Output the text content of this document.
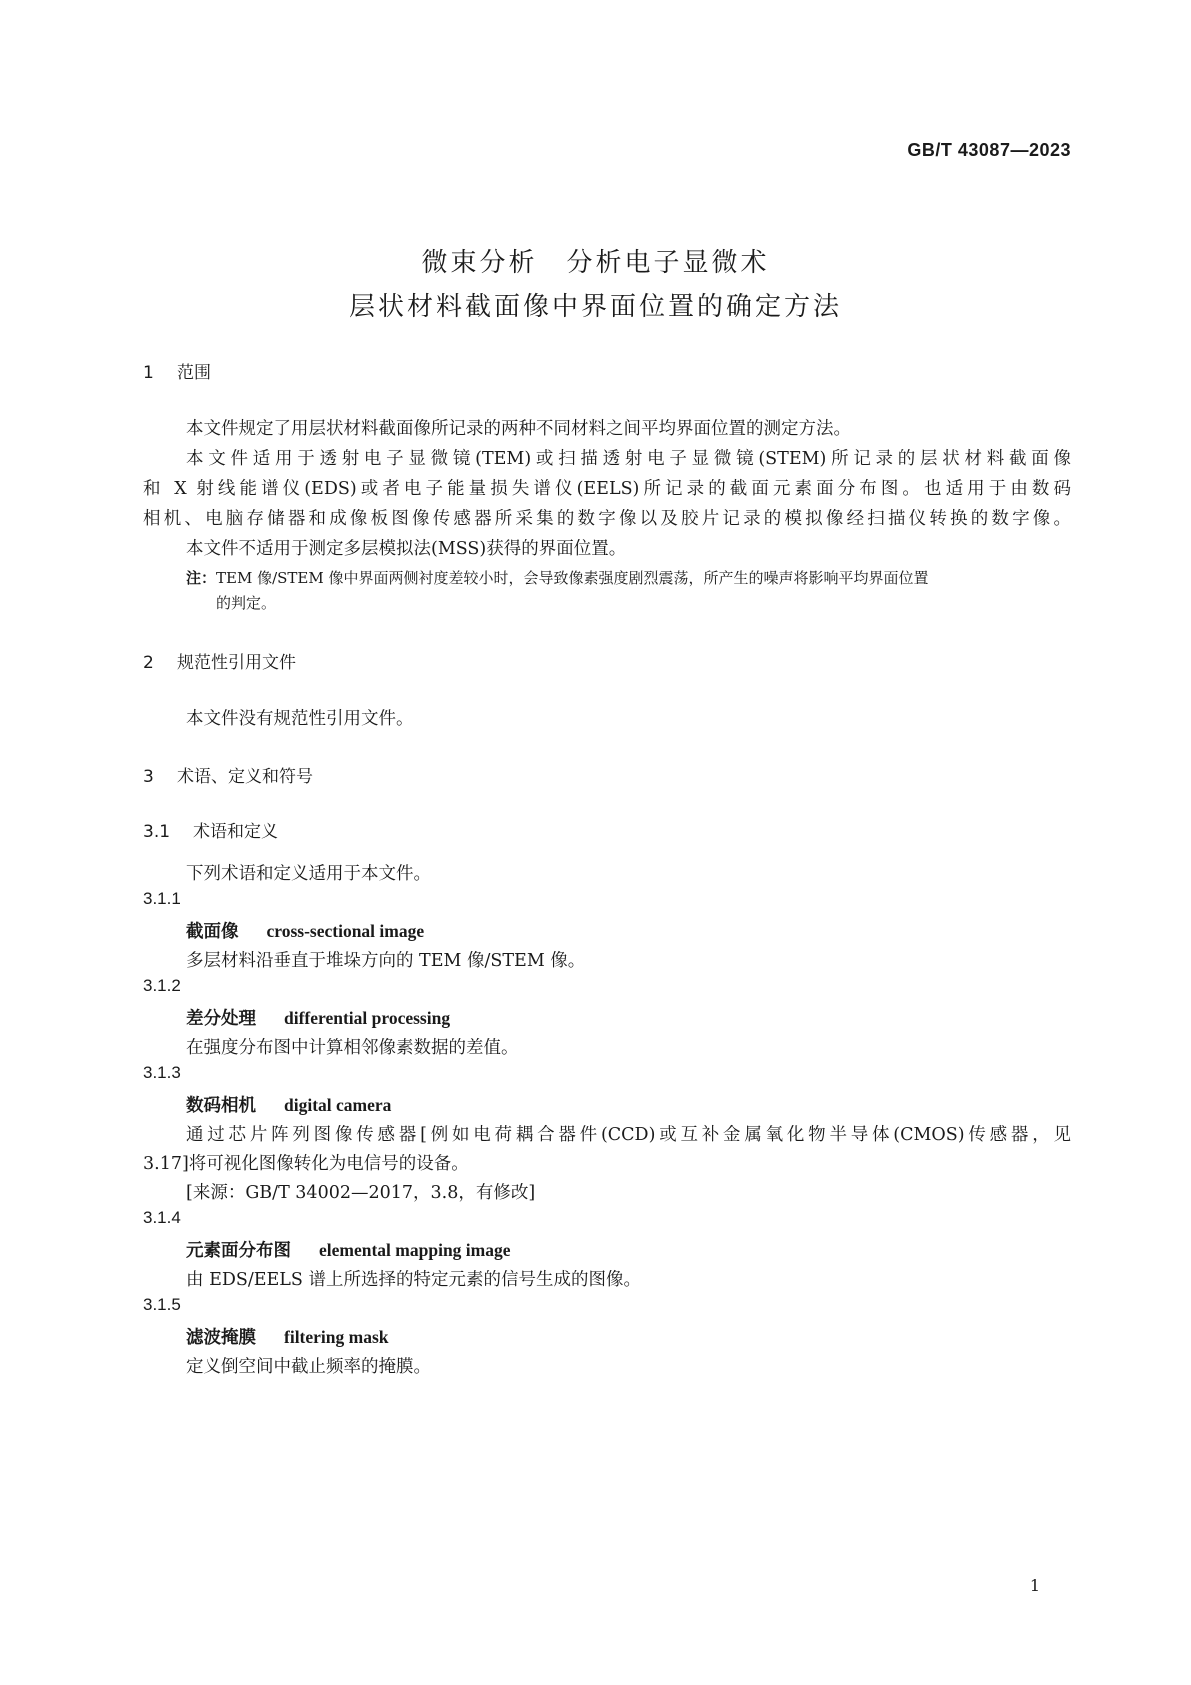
GB/T 43087—2023
微束分析　分析电子显微术
层状材料截面像中界面位置的确定方法
1 范围
本文件规定了用层状材料截面像所记录的两种不同材料之间平均界面位置的测定方法。
本文件适用于透射电子显微镜(TEM)或扫描透射电子显微镜(STEM)所记录的层状材料截面像
和 X 射线能谱仪(EDS)或者电子能量损失谱仪(EELS)所记录的截面元素面分布图。也适用于由数码
相机、电脑存储器和成像板图像传感器所采集的数字像以及胶片记录的模拟像经扫描仪转换的数字像。
本文件不适用于测定多层模拟法(MSS)获得的界面位置。
注：TEM 像/STEM 像中界面两侧衬度差较小时，会导致像素强度剧烈震荡，所产生的噪声将影响平均界面位置
的判定。
2 规范性引用文件
本文件没有规范性引用文件。
3 术语、定义和符号
3.1 术语和定义
下列术语和定义适用于本文件。
3.1.1
截面像 cross-sectional image
多层材料沿垂直于堆垛方向的 TEM 像/STEM 像。
3.1.2
差分处理 differential processing
在强度分布图中计算相邻像素数据的差值。
3.1.3
数码相机 digital camera
通过芯片阵列图像传感器[例如电荷耦合器件(CCD)或互补金属氧化物半导体(CMOS)传感器，见
3.17]将可视化图像转化为电信号的设备。
[来源：GB/T 34002—2017，3.8，有修改]
3.1.4
元素面分布图 elemental mapping image
由 EDS/EELS 谱上所选择的特定元素的信号生成的图像。
3.1.5
滤波掩膜 filtering mask
定义倒空间中截止频率的掩膜。
1
